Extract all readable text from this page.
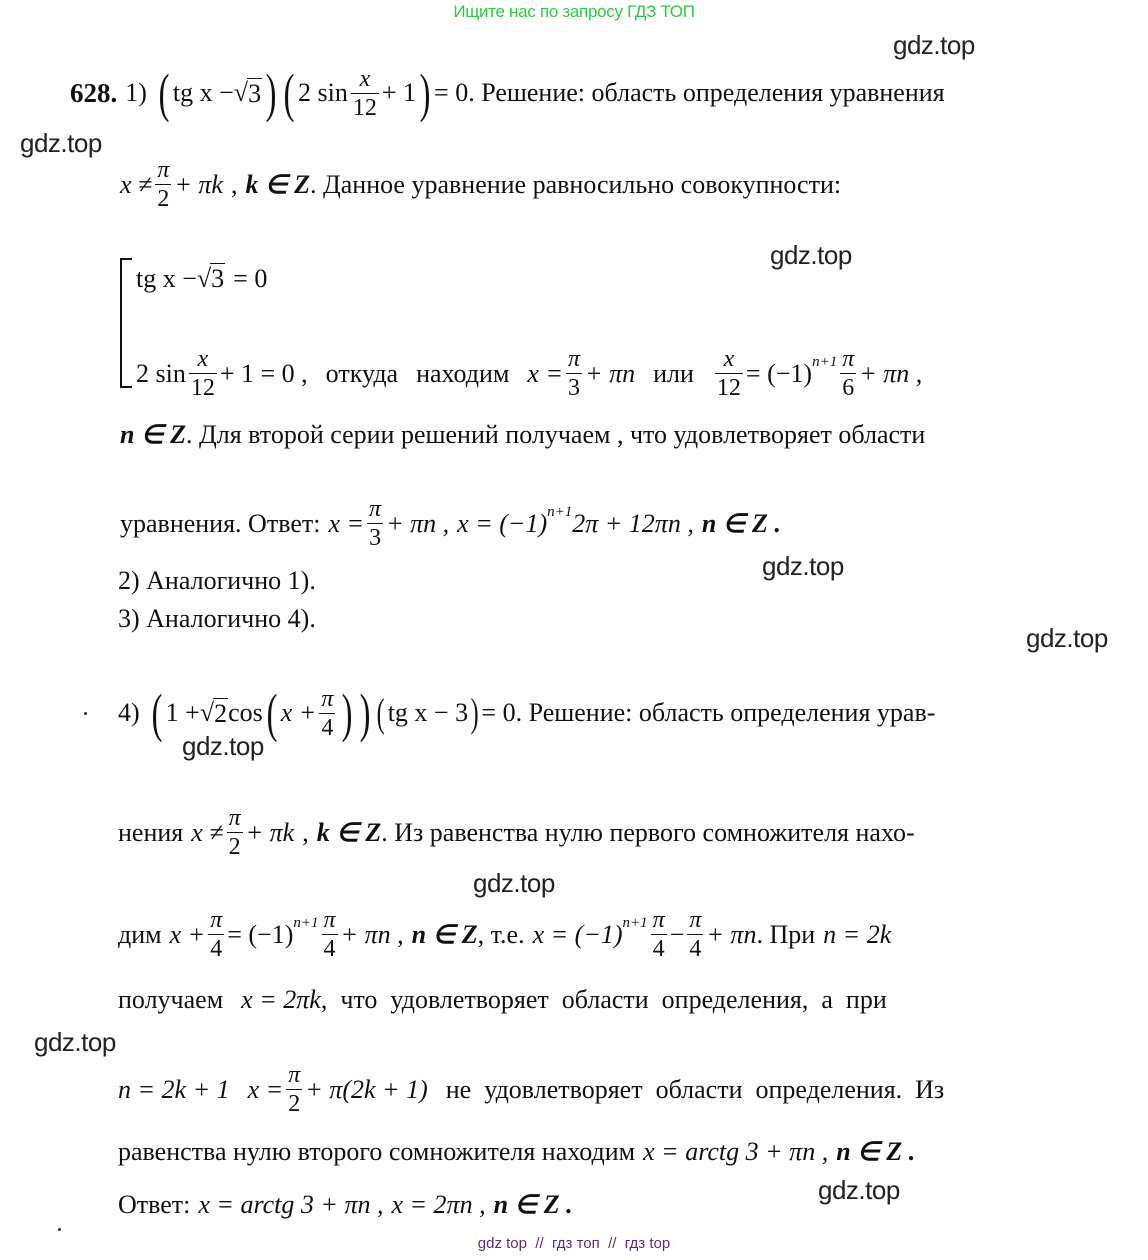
Ищите нас по запросу ГДЗ ТОП
gdz.top
gdz.top
gdz.top
gdz.top
gdz.top
gdz.top
gdz.top
gdz.top
gdz.top
628. 1) ( tg x − √ 3 ) ( 2 $\sin \frac{x}{12} + 1$ ) = 0 . Решение: область определения уравнения
$x \ne \frac{\pi}{2} + \pi k$ , k ∈ Z . Данное уравнение равносильно совокупности:
tg x − √ 3 = 0
2 $\sin \frac{x}{12} + 1 = 0$ , откуда находим $x = \frac{\pi}{3} + \pi n$ или $\frac{x}{12} = (-1)$ $n+1 \frac{\pi}{6} + \pi n$ ,
n ∈ Z . Для второй серии решений получаем , что удовлетворяет области
уравнения. Ответ: $x = \frac{\pi}{3} + \pi n$ , x = (−1) n+1 2π + 12πn , n ∈ Z .
2) Аналогично 1).
3) Аналогично 4).
4) ( 1 + √ 2 cos ( $x + \frac{\pi}{4}$ ) ) ( tg x − 3 ) = 0 . Решение: область определения урав-
нения $x \ne \frac{\pi}{2} + \pi k$ , k ∈ Z . Из равенства нулю первого сомножителя нахо-
дим $x + \frac{\pi}{4} = (-1)$ $n+1 \frac{\pi}{4} + \pi n$ , n ∈ Z , т.е. x = (−1) $n+1 \frac{\pi}{4} - \frac{\pi}{4} + \pi n$ . При n = 2k
получаем x = 2πk ,  что  удовлетворяет  области  определения,  а  при
n = 2k + 1 $x = \frac{\pi}{2} + \pi(2k + 1)$ не  удовлетворяет  области  определения.  Из
равенства нулю второго сомножителя находим x = arctg 3 + πn , n ∈ Z .
Ответ: x = arctg 3 + πn , x = 2πn , n ∈ Z .
gdz top  //  гдз топ  //  гдз top
